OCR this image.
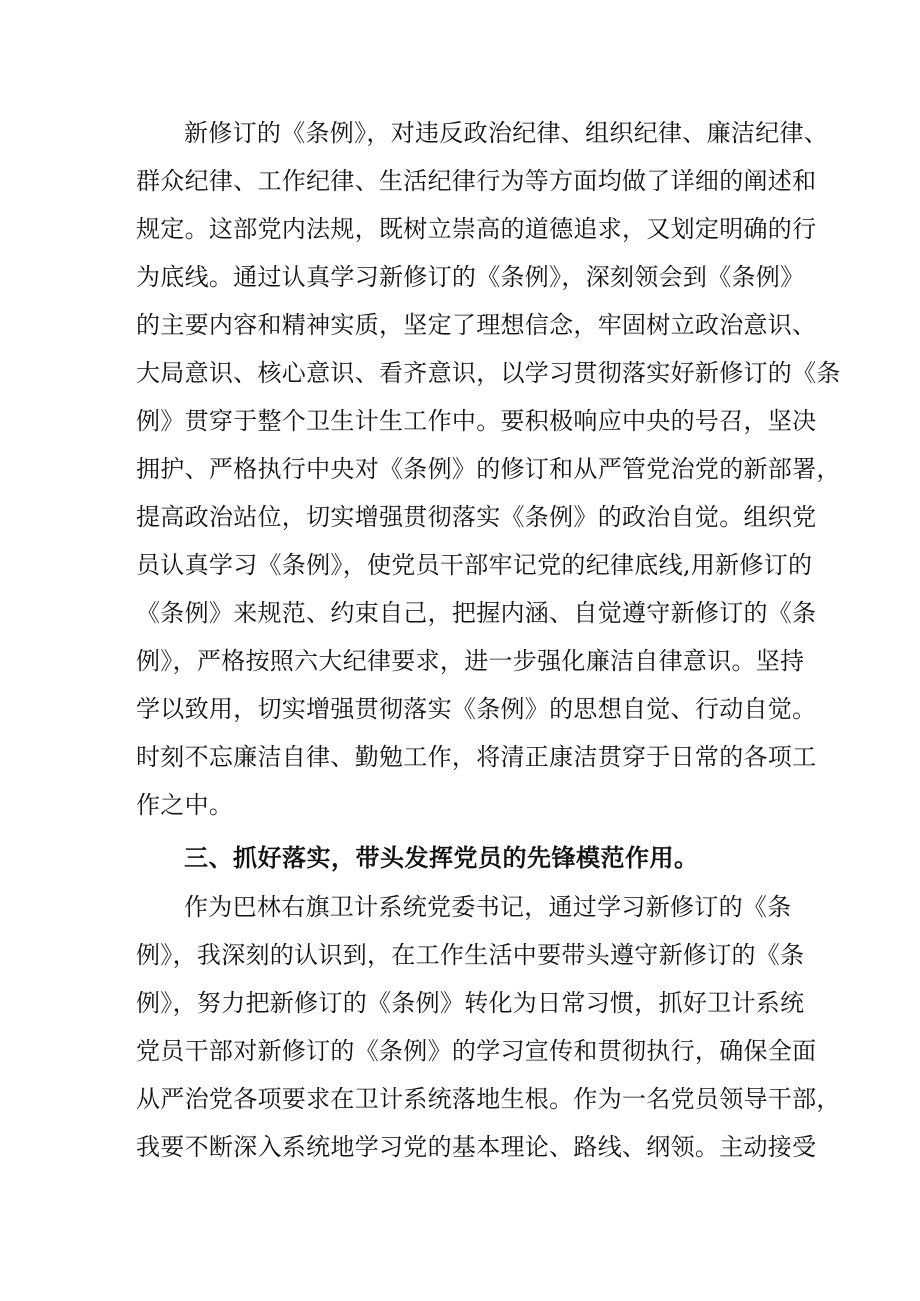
新修订的《条例》，对违反政治纪律、组织纪律、廉洁纪律、
群众纪律、工作纪律、生活纪律行为等方面均做了详细的阐述和
规定。这部党内法规，既树立崇高的道德追求，又划定明确的行
为底线。通过认真学习新修订的《条例》，深刻领会到《条例》
的主要内容和精神实质，坚定了理想信念，牢固树立政治意识、
大局意识、核心意识、看齐意识，以学习贯彻落实好新修订的《条
例》贯穿于整个卫生计生工作中。要积极响应中央的号召，坚决
拥护、严格执行中央对《条例》的修订和从严管党治党的新部署，
提高政治站位，切实增强贯彻落实《条例》的政治自觉。组织党
员认真学习《条例》，使党员干部牢记党的纪律底线,用新修订的
《条例》来规范、约束自己，把握内涵、自觉遵守新修订的《条
例》，严格按照六大纪律要求，进一步强化廉洁自律意识。坚持
学以致用，切实增强贯彻落实《条例》的思想自觉、行动自觉。
时刻不忘廉洁自律、勤勉工作，将清正康洁贯穿于日常的各项工
作之中。
三、抓好落实，带头发挥党员的先锋模范作用。
作为巴林右旗卫计系统党委书记，通过学习新修订的《条
例》，我深刻的认识到，在工作生活中要带头遵守新修订的《条
例》，努力把新修订的《条例》转化为日常习惯，抓好卫计系统
党员干部对新修订的《条例》的学习宣传和贯彻执行，确保全面
从严治党各项要求在卫计系统落地生根。作为一名党员领导干部，
我要不断深入系统地学习党的基本理论、路线、纲领。主动接受
